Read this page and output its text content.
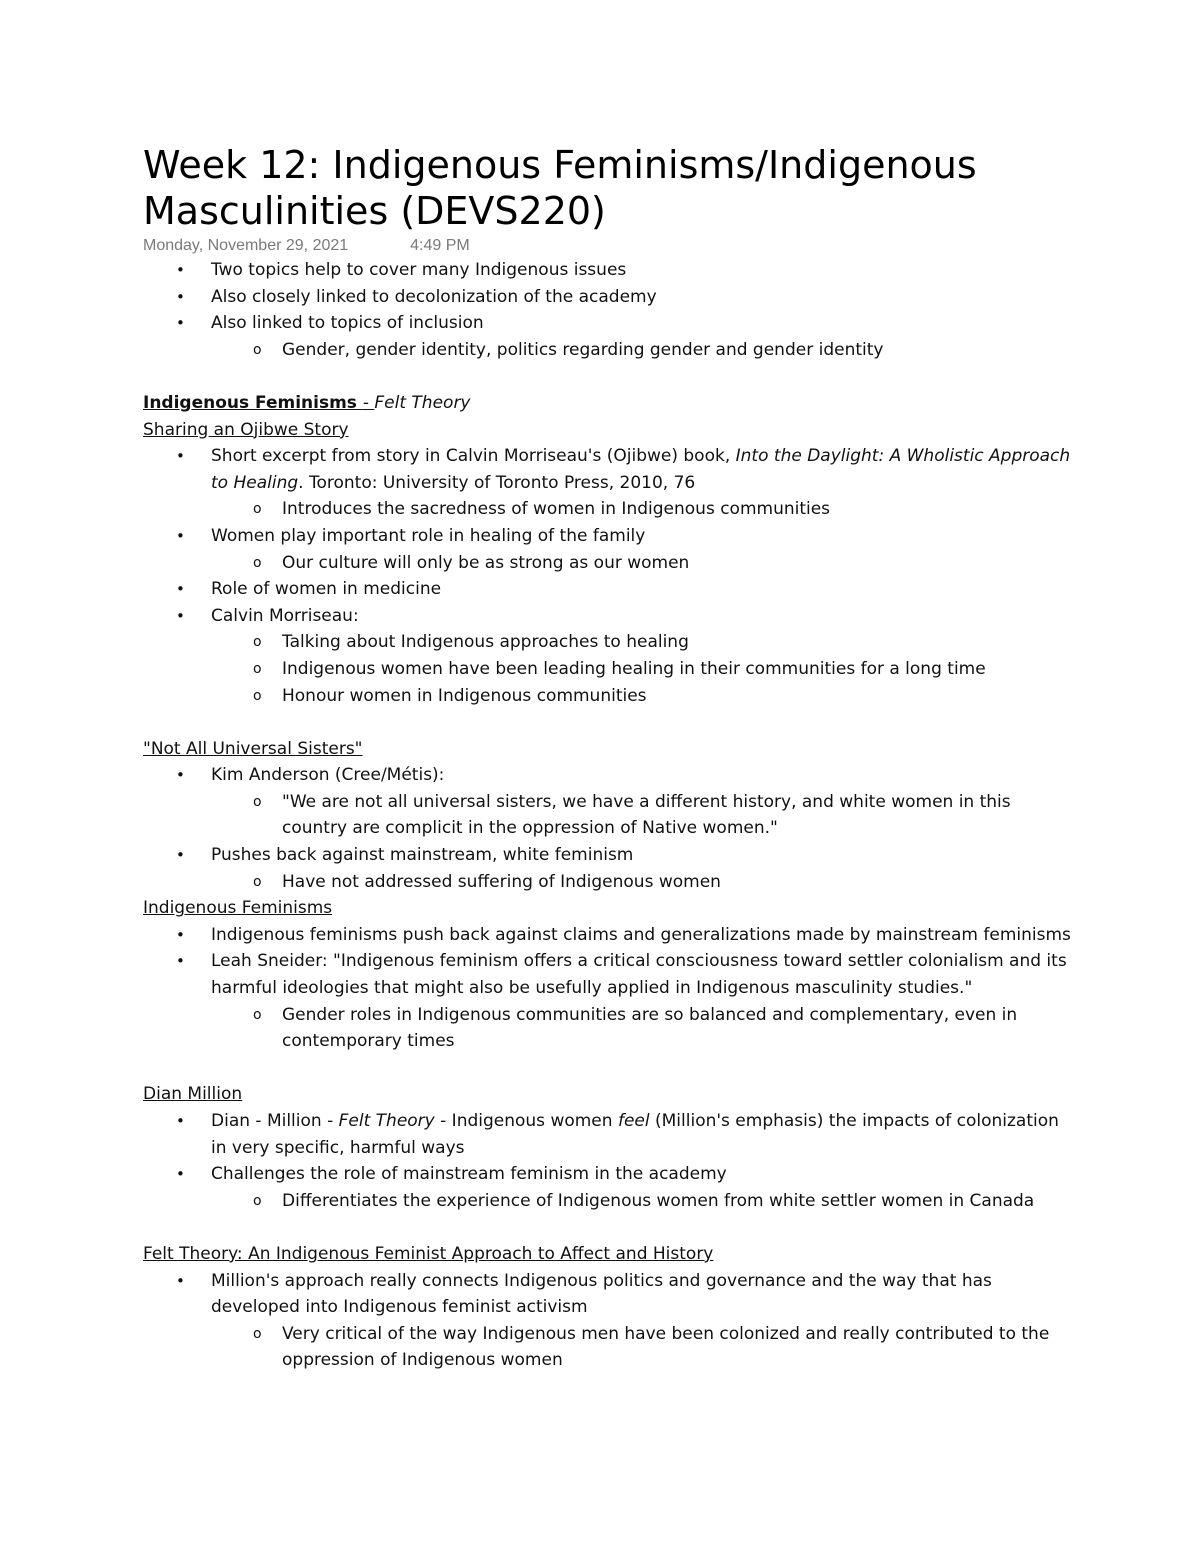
Week 12: Indigenous Feminisms/Indigenous Masculinities (DEVS220)
Monday, November 29, 2021	4:49 PM
• Two topics help to cover many Indigenous issues
• Also closely linked to decolonization of the academy
• Also linked to topics of inclusion
o Gender, gender identity, politics regarding gender and gender identity

Indigenous Feminisms - Felt Theory

Sharing an Ojibwe Story

• Short excerpt from story in Calvin Morriseau's (Ojibwe) book, Into the Daylight: A Wholistic Approach to Healing. Toronto: University of Toronto Press, 2010, 76
o Introduces the sacredness of women in Indigenous communities
• Women play important role in healing of the family
o Our culture will only be as strong as our women
• Role of women in medicine
• Calvin Morriseau:
o Talking about Indigenous approaches to healing
o Indigenous women have been leading healing in their communities for a long time
o Honour women in Indigenous communities

"Not All Universal Sisters"

• Kim Anderson (Cree/Métis):
o "We are not all universal sisters, we have a different history, and white women in this country are complicit in the oppression of Native women."
• Pushes back against mainstream, white feminism
o Have not addressed suffering of Indigenous women

Indigenous Feminisms

• Indigenous feminisms push back against claims and generalizations made by mainstream feminisms
• Leah Sneider: "Indigenous feminism offers a critical consciousness toward settler colonialism and its harmful ideologies that might also be usefully applied in Indigenous masculinity studies."
o Gender roles in Indigenous communities are so balanced and complementary, even in contemporary times

Dian Million

• Dian - Million - Felt Theory - Indigenous women feel (Million's emphasis) the impacts of colonization in very specific, harmful ways
• Challenges the role of mainstream feminism in the academy
o Differentiates the experience of Indigenous women from white settler women in Canada

Felt Theory: An Indigenous Feminist Approach to Affect and History

• Million's approach really connects Indigenous politics and governance and the way that has developed into Indigenous feminist activism
o Very critical of the way Indigenous men have been colonized and really contributed to the oppression of Indigenous women
